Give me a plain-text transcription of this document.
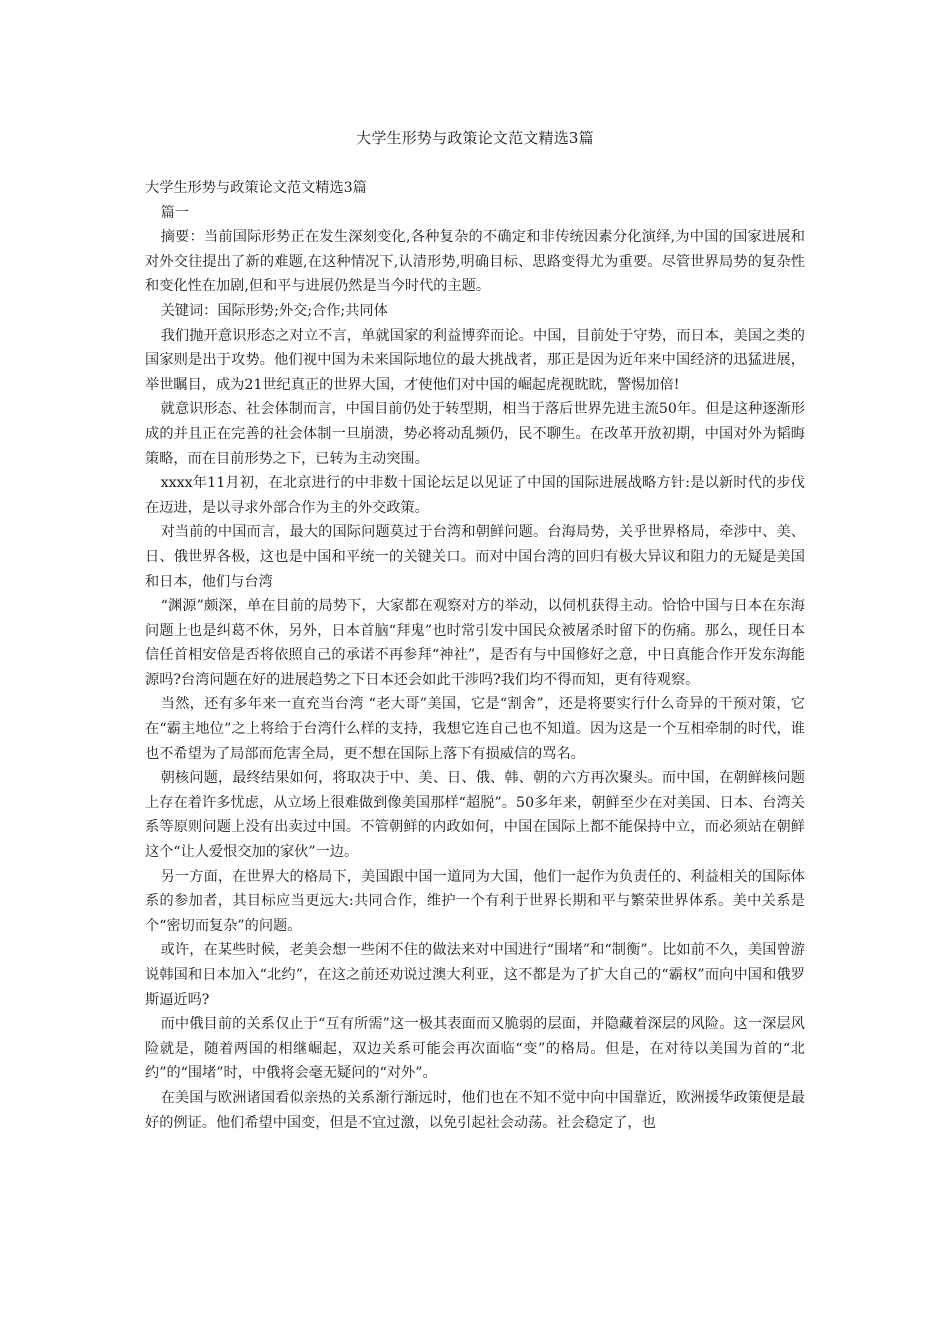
大学生形势与政策论文范文精选3篇

大学生形势与政策论文范文精选3篇

篇一

摘要：当前国际形势正在发生深刻变化,各种复杂的不确定和非传统因素分化演绎,为中国的国家进展和对外交往提出了新的难题,在这种情况下,认清形势,明确目标、思路变得尤为重要。尽管世界局势的复杂性和变化性在加剧,但和平与进展仍然是当今时代的主题。

关键词：国际形势;外交;合作;共同体

我们抛开意识形态之对立不言，单就国家的利益博弈而论。中国，目前处于守势，而日本，美国之类的国家则是出于攻势。他们视中国为未来国际地位的最大挑战者，那正是因为近年来中国经济的迅猛进展，举世瞩目，成为21世纪真正的世界大国，才使他们对中国的崛起虎视眈眈，警惕加倍!

就意识形态、社会体制而言，中国目前仍处于转型期，相当于落后世界先进主流50年。但是这种逐渐形成的并且正在完善的社会体制一旦崩溃，势必将动乱频仍，民不聊生。在改革开放初期，中国对外为韬晦策略，而在目前形势之下，已转为主动突围。

xxxx年11月初，在北京进行的中非数十国论坛足以见证了中国的国际进展战略方针:是以新时代的步伐在迈进，是以寻求外部合作为主的外交政策。

对当前的中国而言，最大的国际问题莫过于台湾和朝鲜问题。台海局势，关乎世界格局，牵涉中、美、日、俄世界各极，这也是中国和平统一的关键关口。而对中国台湾的回归有极大异议和阻力的无疑是美国和日本，他们与台湾

“渊源”颇深，单在目前的局势下，大家都在观察对方的举动，以伺机获得主动。恰恰中国与日本在东海问题上也是纠葛不休，另外，日本首脑“拜鬼”也时常引发中国民众被屠杀时留下的伤痛。那么，现任日本信任首相安倍是否将依照自己的承诺不再参拜“神社”，是否有与中国修好之意，中日真能合作开发东海能源吗?台湾问题在好的进展趋势之下日本还会如此干涉吗?我们均不得而知，更有待观察。

当然，还有多年来一直充当台湾 “老大哥”美国，它是“割舍”，还是将要实行什么奇异的干预对策，它在“霸主地位”之上将给于台湾什么样的支持，我想它连自己也不知道。因为这是一个互相牵制的时代，谁也不希望为了局部而危害全局，更不想在国际上落下有损威信的骂名。

朝核问题，最终结果如何，将取决于中、美、日、俄、韩、朝的六方再次聚头。而中国，在朝鲜核问题上存在着许多忧虑，从立场上很难做到像美国那样“超脱”。50多年来，朝鲜至少在对美国、日本、台湾关系等原则问题上没有出卖过中国。不管朝鲜的内政如何，中国在国际上都不能保持中立，而必须站在朝鲜这个“让人爱恨交加的家伙”一边。

另一方面，在世界大的格局下，美国跟中国一道同为大国，他们一起作为负责任的、利益相关的国际体系的参加者，其目标应当更远大:共同合作，维护一个有利于世界长期和平与繁荣世界体系。美中关系是个“密切而复杂”的问题。

或许，在某些时候，老美会想一些闲不住的做法来对中国进行“围堵”和“制衡”。比如前不久，美国曾游说韩国和日本加入“北约”，在这之前还劝说过澳大利亚，这不都是为了扩大自己的“霸权”而向中国和俄罗斯逼近吗?

而中俄目前的关系仅止于“互有所需”这一极其表面而又脆弱的层面，并隐藏着深层的风险。这一深层风险就是，随着两国的相继崛起，双边关系可能会再次面临“变”的格局。但是，在对待以美国为首的“北约”的“围堵”时，中俄将会毫无疑问的“对外”。

在美国与欧洲诸国看似亲热的关系渐行渐远时，他们也在不知不觉中向中国靠近，欧洲援华政策便是最好的例证。他们希望中国变，但是不宜过激，以免引起社会动荡。社会稳定了，也
